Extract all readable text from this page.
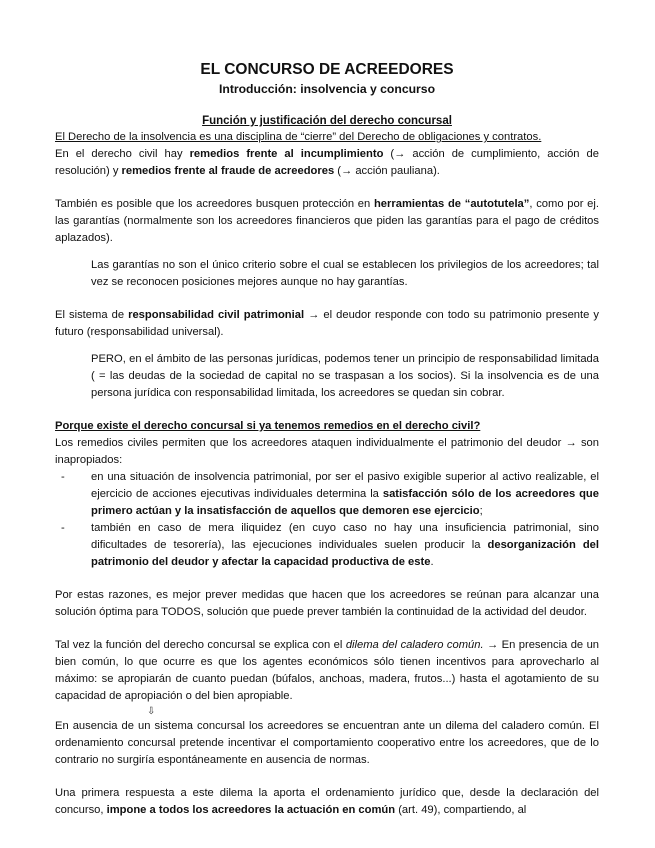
EL CONCURSO DE ACREEDORES
Introducción: insolvencia y concurso
Función y justificación del derecho concursal

El Derecho de la insolvencia es una disciplina de “cierre” del Derecho de obligaciones y contratos.

En el derecho civil hay remedios frente al incumplimiento (→ acción de cumplimiento, acción de resolución) y remedios frente al fraude de acreedores (→ acción pauliana).

También es posible que los acreedores busquen protección en herramientas de “autotutela”, como por ej. las garantías (normalmente son los acreedores financieros que piden las garantías para el pago de créditos aplazados).

Las garantías no son el único criterio sobre el cual se establecen los privilegios de los acreedores; tal vez se reconocen posiciones mejores aunque no hay garantías.

El sistema de responsabilidad civil patrimonial → el deudor responde con todo su patrimonio presente y futuro (responsabilidad universal).

PERO, en el ámbito de las personas jurídicas, podemos tener un principio de responsabilidad limitada ( = las deudas de la sociedad de capital no se traspasan a los socios). Si la insolvencia es de una persona jurídica con responsabilidad limitada, los acreedores se quedan sin cobrar.

Porque existe el derecho concursal si ya tenemos remedios en el derecho civil?

Los remedios civiles permiten que los acreedores ataquen individualmente el patrimonio del deudor → son inapropiados:

- en una situación de insolvencia patrimonial, por ser el pasivo exigible superior al activo realizable, el ejercicio de acciones ejecutivas individuales determina la satisfacción sólo de los acreedores que primero actúan y la insatisfacción de aquellos que demoren ese ejercicio;
- también en caso de mera iliquidez (en cuyo caso no hay una insuficiencia patrimonial, sino dificultades de tesorería), las ejecuciones individuales suelen producir la desorganización del patrimonio del deudor y afectar la capacidad productiva de este.

Por estas razones, es mejor prever medidas que hacen que los acreedores se reúnan para alcanzar una solución óptima para TODOS, solución que puede prever también la continuidad de la actividad del deudor.

Tal vez la función del derecho concursal se explica con el dilema del caladero común. → En presencia de un bien común, lo que ocurre es que los agentes económicos sólo tienen incentivos para aprovecharlo al máximo: se apropiarán de cuanto puedan (búfalos, anchoas, madera, frutos...) hasta el agotamiento de su capacidad de apropiación o del bien apropiable.

⇩

En ausencia de un sistema concursal los acreedores se encuentran ante un dilema del caladero común. El ordenamiento concursal pretende incentivar el comportamiento cooperativo entre los acreedores, que de lo contrario no surgiría espontáneamente en ausencia de normas.

Una primera respuesta a este dilema la aporta el ordenamiento jurídico que, desde la declaración del concurso, impone a todos los acreedores la actuación en común (art. 49), compartiendo, al
